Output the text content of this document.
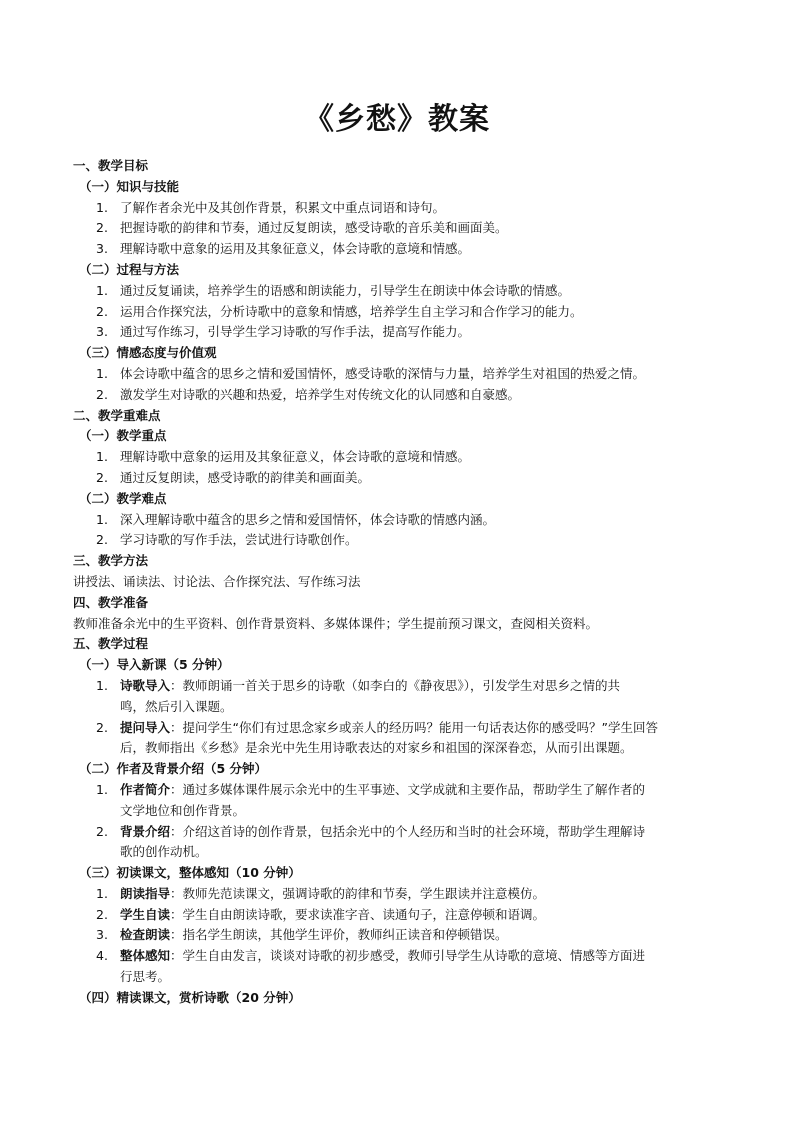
《乡愁》教案
一、教学目标
（一）知识与技能
1. 了解作者余光中及其创作背景，积累文中重点词语和诗句。
2. 把握诗歌的韵律和节奏，通过反复朗读，感受诗歌的音乐美和画面美。
3. 理解诗歌中意象的运用及其象征意义，体会诗歌的意境和情感。
（二）过程与方法
1. 通过反复诵读，培养学生的语感和朗读能力，引导学生在朗读中体会诗歌的情感。
2. 运用合作探究法，分析诗歌中的意象和情感，培养学生自主学习和合作学习的能力。
3. 通过写作练习，引导学生学习诗歌的写作手法，提高写作能力。
（三）情感态度与价值观
1. 体会诗歌中蕴含的思乡之情和爱国情怀，感受诗歌的深情与力量，培养学生对祖国的热爱之情。
2. 激发学生对诗歌的兴趣和热爱，培养学生对传统文化的认同感和自豪感。
二、教学重难点
（一）教学重点
1. 理解诗歌中意象的运用及其象征意义，体会诗歌的意境和情感。
2. 通过反复朗读，感受诗歌的韵律美和画面美。
（二）教学难点
1. 深入理解诗歌中蕴含的思乡之情和爱国情怀，体会诗歌的情感内涵。
2. 学习诗歌的写作手法，尝试进行诗歌创作。
三、教学方法
讲授法、诵读法、讨论法、合作探究法、写作练习法
四、教学准备
教师准备余光中的生平资料、创作背景资料、多媒体课件；学生提前预习课文，查阅相关资料。
五、教学过程
（一）导入新课（5 分钟）
1. 诗歌导入：教师朗诵一首关于思乡的诗歌（如李白的《静夜思》），引发学生对思乡之情的共
鸣，然后引入课题。
2. 提问导入：提问学生“你们有过思念家乡或亲人的经历吗？能用一句话表达你的感受吗？”学生回答
后，教师指出《乡愁》是余光中先生用诗歌表达的对家乡和祖国的深深眷恋，从而引出课题。
（二）作者及背景介绍（5 分钟）
1. 作者简介：通过多媒体课件展示余光中的生平事迹、文学成就和主要作品，帮助学生了解作者的
文学地位和创作背景。
2. 背景介绍：介绍这首诗的创作背景，包括余光中的个人经历和当时的社会环境，帮助学生理解诗
歌的创作动机。
（三）初读课文，整体感知（10 分钟）
1. 朗读指导：教师先范读课文，强调诗歌的韵律和节奏，学生跟读并注意模仿。
2. 学生自读：学生自由朗读诗歌，要求读准字音、读通句子，注意停顿和语调。
3. 检查朗读：指名学生朗读，其他学生评价，教师纠正读音和停顿错误。
4. 整体感知：学生自由发言，谈谈对诗歌的初步感受，教师引导学生从诗歌的意境、情感等方面进
行思考。
（四）精读课文，赏析诗歌（20 分钟）
